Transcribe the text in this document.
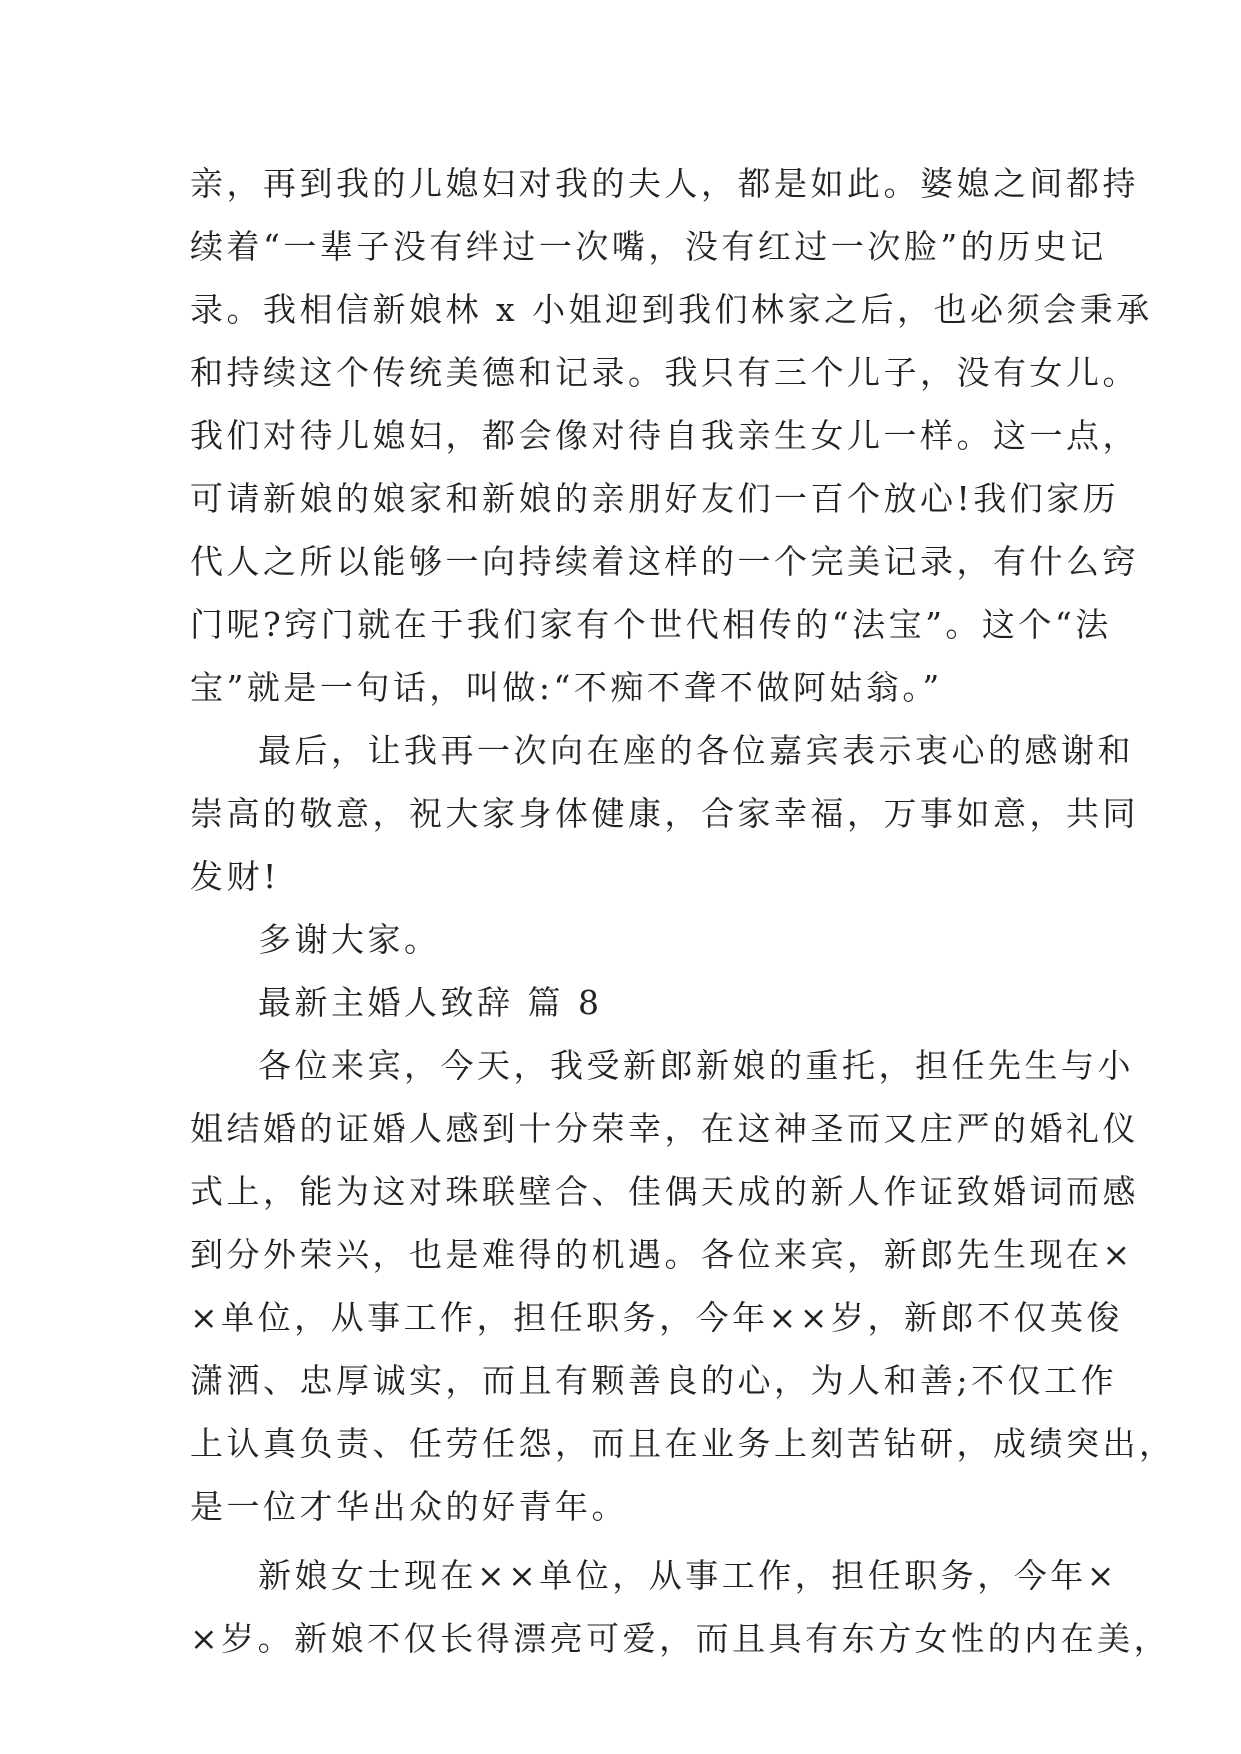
亲，再到我的儿媳妇对我的夫人，都是如此。婆媳之间都持
续着“一辈子没有绊过一次嘴，没有红过一次脸”的历史记
录。我相信新娘林 x 小姐迎到我们林家之后，也必须会秉承
和持续这个传统美德和记录。我只有三个儿子，没有女儿。
我们对待儿媳妇，都会像对待自我亲生女儿一样。这一点，
可请新娘的娘家和新娘的亲朋好友们一百个放心!我们家历
代人之所以能够一向持续着这样的一个完美记录，有什么窍
门呢?窍门就在于我们家有个世代相传的“法宝”。这个“法
宝”就是一句话，叫做:“不痴不聋不做阿姑翁。”
最后，让我再一次向在座的各位嘉宾表示衷心的感谢和
崇高的敬意，祝大家身体健康，合家幸福，万事如意，共同
发财!
多谢大家。
最新主婚人致辞 篇 8
各位来宾，今天，我受新郎新娘的重托，担任先生与小
姐结婚的证婚人感到十分荣幸，在这神圣而又庄严的婚礼仪
式上，能为这对珠联壁合、佳偶天成的新人作证致婚词而感
到分外荣兴，也是难得的机遇。各位来宾，新郎先生现在×
×单位，从事工作，担任职务，今年××岁，新郎不仅英俊
潇洒、忠厚诚实，而且有颗善良的心，为人和善;不仅工作
上认真负责、任劳任怨，而且在业务上刻苦钻研，成绩突出，
是一位才华出众的好青年。
新娘女士现在××单位，从事工作，担任职务，今年×
×岁。新娘不仅长得漂亮可爱，而且具有东方女性的内在美，
